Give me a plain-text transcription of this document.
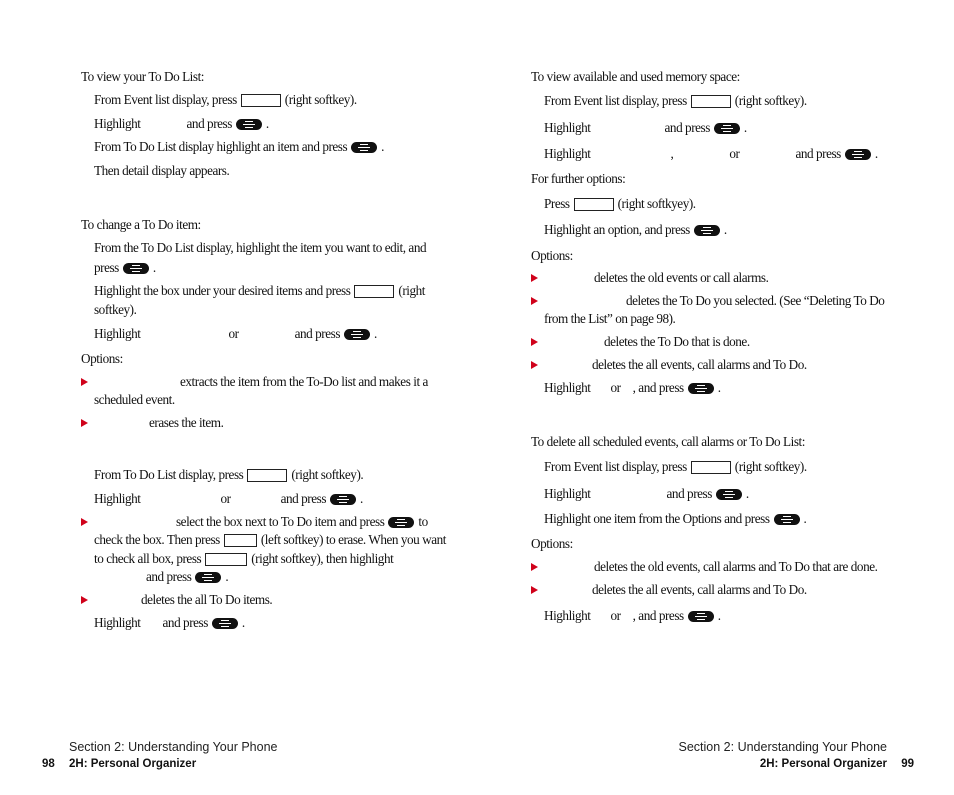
To view your To Do List:
From Event list display, press	(right softkey).
Highlight	and press	.
From To Do List display highlight an item and press	.
Then detail display appears.
To change a To Do item:
From the To Do List display, highlight the item you want to edit, and
press	.
Highlight the box under your desired items and press	(right
softkey).
Highlight	or	and press	.
Options:
extracts the item from the To-Do list and makes it a
scheduled event.
erases the item.
From To Do List display, press	(right softkey).
Highlight	or	and press	.
select the box next to To Do item and press	to
check the box. Then press	(left softkey) to erase. When you want
to check all box, press	(right softkey), then highlight
and press	.
deletes the all To Do items.
Highlight and press	.
To view available and used memory space:
From Event list display, press	(right softkey).
Highlight	and press	.
Highlight	,	or	and press	.
For further options:
Press	(right softkyey).
Highlight an option, and press	.
Options:
deletes the old events or call alarms.
deletes the To Do you selected. (See “Deleting To Do
from the List” on page 98).
deletes the To Do that is done.
deletes the all events, call alarms and To Do.
Highlight or , and press	.
To delete all scheduled events, call alarms or To Do List:
From Event list display, press	(right softkey).
Highlight	and press	.
Highlight one item from the Options and press	.
Options:
deletes the old events, call alarms and To Do that are done.
deletes the all events, call alarms and To Do.
Highlight or , and press	.
Section 2: Understanding Your Phone
98 2H: Personal Organizer
Section 2: Understanding Your Phone
2H: Personal Organizer 99
